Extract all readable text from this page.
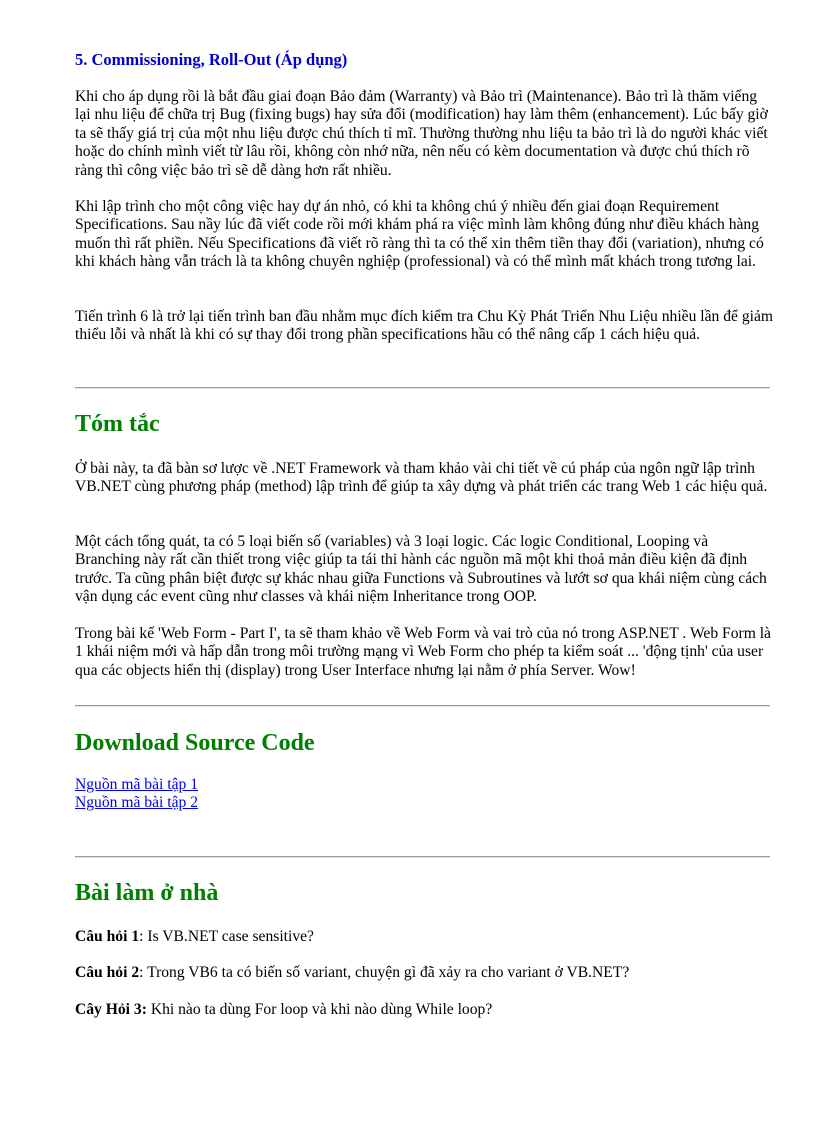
5. Commissioning, Roll-Out (Áp dụng)

Khi cho áp dụng rồi là bắt đầu giai đoạn Bảo đảm (Warranty) và Bảo trì (Maintenance). Bảo trì là thăm viếng lại nhu liệu để chữa trị Bug (fixing bugs) hay sửa đổi (modification) hay làm thêm (enhancement). Lúc bấy giờ ta sẽ thấy giá trị của một nhu liệu được chú thích tỉ mĩ. Thường thường nhu liệu ta bảo trì là do người khác viết hoặc do chính mình viết từ lâu rồi, không còn nhớ nữa, nên nếu có kèm documentation và được chú thích rõ ràng thì công việc bảo trì sẽ dễ dàng hơn rất nhiều.

Khi lập trình cho một công việc hay dự án nhỏ, có khi ta không chú ý nhiều đến giai đoạn Requirement Specifications. Sau nầy lúc đã viết code rồi mới khám phá ra việc mình làm không đúng như điều khách hàng muốn thì rất phiền. Nếu Specifications đã viết rõ ràng thì ta có thể xin thêm tiền thay đổi (variation), nhưng có khi khách hàng vẫn trách là ta không chuyên nghiệp (professional) và có thể mình mất khách trong tương lai.

Tiến trình 6 là trở lại tiến trình ban đầu nhằm mục đích kiểm tra Chu Kỳ Phát Triển Nhu Liệu nhiều lần để giảm thiểu lỗi và nhất là khi có sự thay đổi trong phần specifications hầu có thể nâng cấp 1 cách hiệu quả.

Tóm tắc

Ở bài này, ta đã bàn sơ lược về .NET Framework và tham khảo vài chi tiết về cú pháp của ngôn ngữ lập trình VB.NET cùng phương pháp (method) lập trình để giúp ta xây dựng và phát triển các trang Web 1 các hiệu quả.

Một cách tổng quát, ta có 5 loại biến số (variables) và 3 loại logic. Các logic Conditional, Looping và Branching này rất cần thiết trong việc giúp ta tái thi hành các nguồn mã một khi thoả mản điều kiện đã định trước. Ta cũng phân biệt được sự khác nhau giữa Functions và Subroutines và lướt sơ qua khái niệm cùng cách vận dụng các event cũng như classes và khái niệm Inheritance trong OOP.

Trong bài kế 'Web Form - Part I', ta sẽ tham khảo về Web Form và vai trò của nó trong ASP.NET . Web Form là 1 khái niệm mới và hấp dẫn trong môi trường mạng vì Web Form cho phép ta kiểm soát ... 'động tịnh' của user qua các objects hiển thị (display) trong User Interface nhưng lại nằm ở phía Server. Wow!

Download Source Code
Nguồn mã bài tập 1
Nguồn mã bài tập 2
Bài làm ở nhà

Câu hỏi 1: Is VB.NET case sensitive?

Câu hỏi 2: Trong VB6 ta có biến số variant, chuyện gì đã xảy ra cho variant ở VB.NET?

Cây Hỏi 3: Khi nào ta dùng For loop và khi nào dùng While loop?
